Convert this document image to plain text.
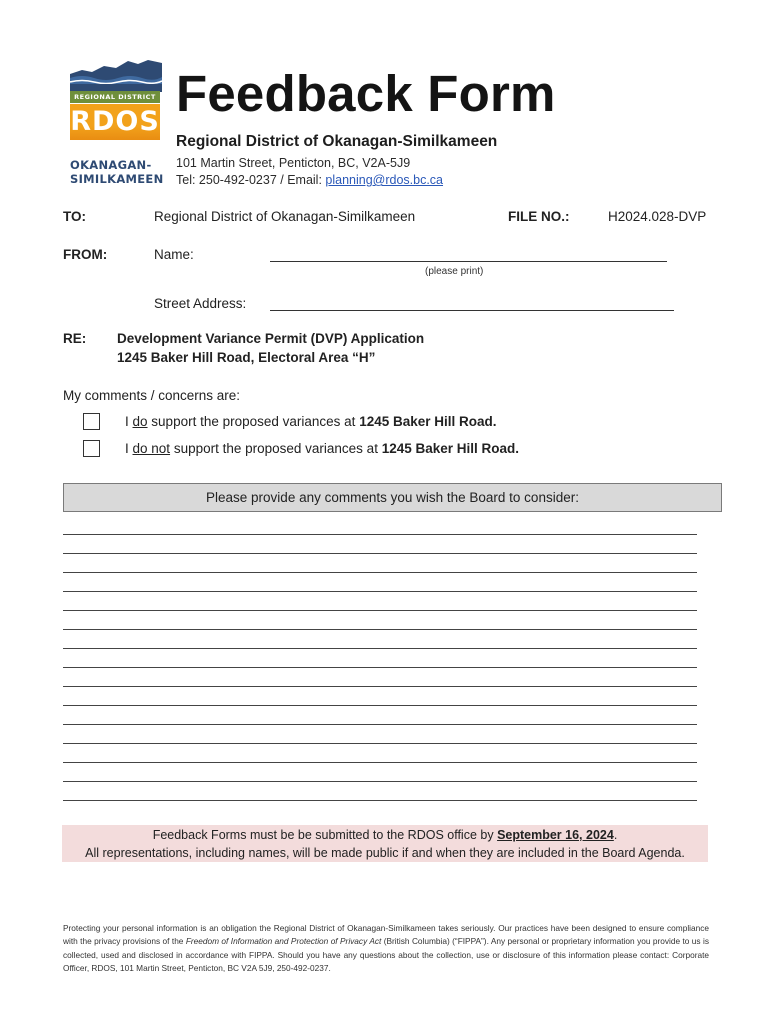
REGIONAL DISTRICT
RDOS
OKANAGAN-
SIMILKAMEEN
Feedback Form
Regional District of Okanagan-Similkameen
101 Martin Street, Penticton, BC, V2A-5J9
Tel: 250-492-0237 / Email: planning@rdos.bc.ca
TO:	Regional District of Okanagan-Similkameen	FILE NO.:	H2024.028-DVP
FROM:	Name:
(please print)
Street Address:
RE: Development Variance Permit (DVP) Application
1245 Baker Hill Road, Electoral Area “H”
My comments / concerns are:
I do support the proposed variances at 1245 Baker Hill Road.
I do not support the proposed variances at 1245 Baker Hill Road.
Please provide any comments you wish the Board to consider:
Feedback Forms must be be submitted to the RDOS office by September 16, 2024.
All representations, including names, will be made public if and when they are included in the Board Agenda.
Protecting your personal information is an obligation the Regional District of Okanagan-Similkameen takes seriously. Our practices have been designed to ensure compliance with the privacy provisions of the Freedom of Information and Protection of Privacy Act (British Columbia) (“FIPPA”). Any personal or proprietary information you provide to us is collected, used and disclosed in accordance with FIPPA. Should you have any questions about the collection, use or disclosure of this information please contact: Corporate Officer, RDOS, 101 Martin Street, Penticton, BC V2A 5J9, 250-492-0237.
